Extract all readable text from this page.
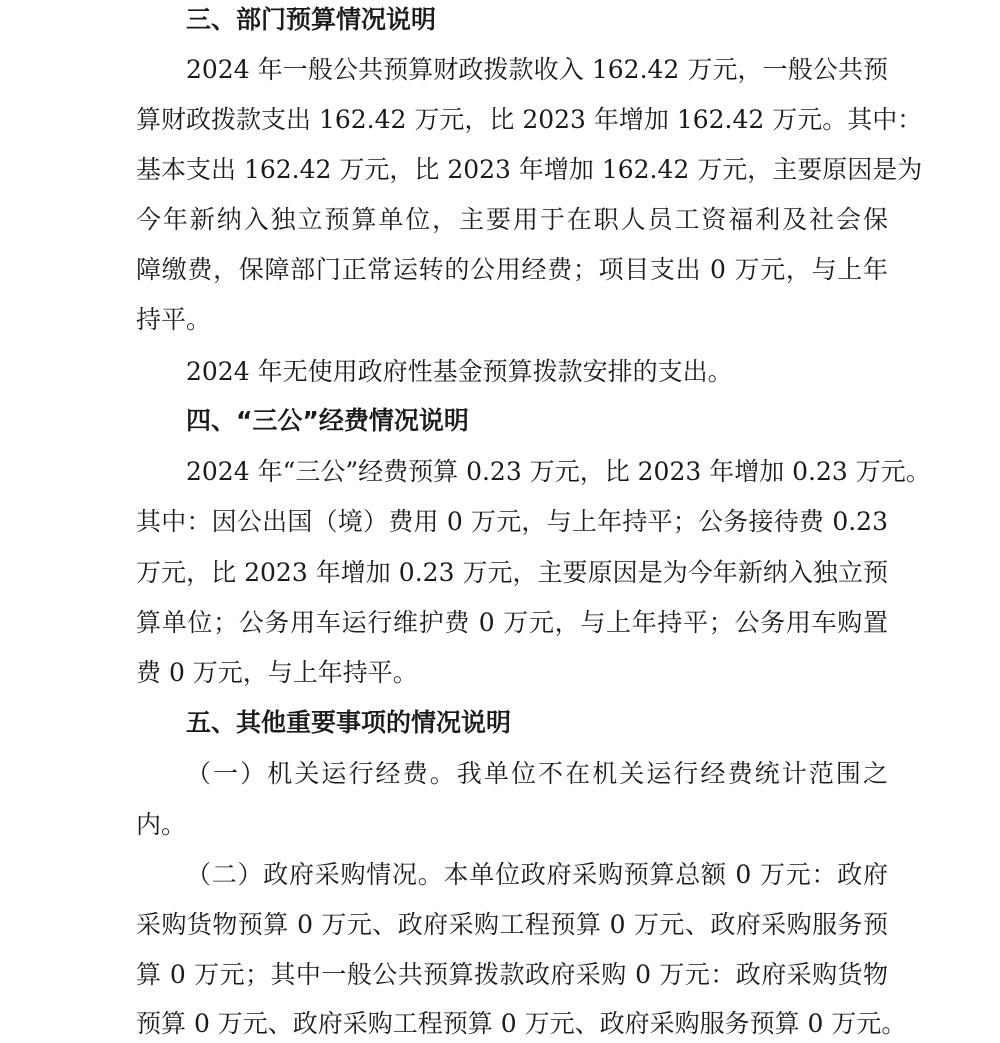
三、部门预算情况说明

2024 年一般公共预算财政拨款收入 162.42 万元，一般公共预

算财政拨款支出 162.42 万元，比 2023 年增加 162.42 万元。其中：

基本支出 162.42 万元，比 2023 年增加 162.42 万元，主要原因是为

今年新纳入独立预算单位，主要用于在职人员工资福利及社会保

障缴费，保障部门正常运转的公用经费；项目支出 0 万元，与上年

持平。

2024 年无使用政府性基金预算拨款安排的支出。

四、“三公”经费情况说明

2024 年“三公”经费预算 0.23 万元，比 2023 年增加 0.23 万元。

其中：因公出国（境）费用 0 万元，与上年持平；公务接待费 0.23

万元，比 2023 年增加 0.23 万元，主要原因是为今年新纳入独立预

算单位；公务用车运行维护费 0 万元，与上年持平；公务用车购置

费 0 万元，与上年持平。

五、其他重要事项的情况说明

（一）机关运行经费。我单位不在机关运行经费统计范围之

内。

（二）政府采购情况。本单位政府采购预算总额 0 万元：政府

采购货物预算 0 万元、政府采购工程预算 0 万元、政府采购服务预

算 0 万元；其中一般公共预算拨款政府采购 0 万元：政府采购货物

预算 0 万元、政府采购工程预算 0 万元、政府采购服务预算 0 万元。
